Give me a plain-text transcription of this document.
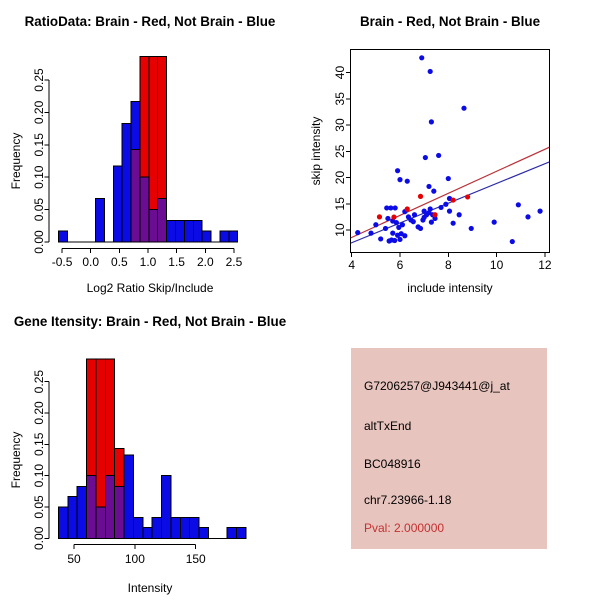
RatioData: Brain - Red, Not Brain - Blue
Log2 Ratio Skip/Include
Frequency
-0.5 0.0 0.5 1.0 1.5 2.0 2.5
0.00
0.05
0.10
0.15
0.20
0.25
Brain - Red, Not Brain - Blue
include intensity
skip intensity
4	6	8	10	12
10
15
20
25
30
35
40
Gene Itensity: Brain - Red, Not Brain - Blue
Intensity
Frequency
50	100	150
0.00
0.05
0.10
0.15
0.20
0.25	G7206257@J943441@j_at
altTxEnd
BC048916
chr7.23966-1.18
Pval: 2.000000
